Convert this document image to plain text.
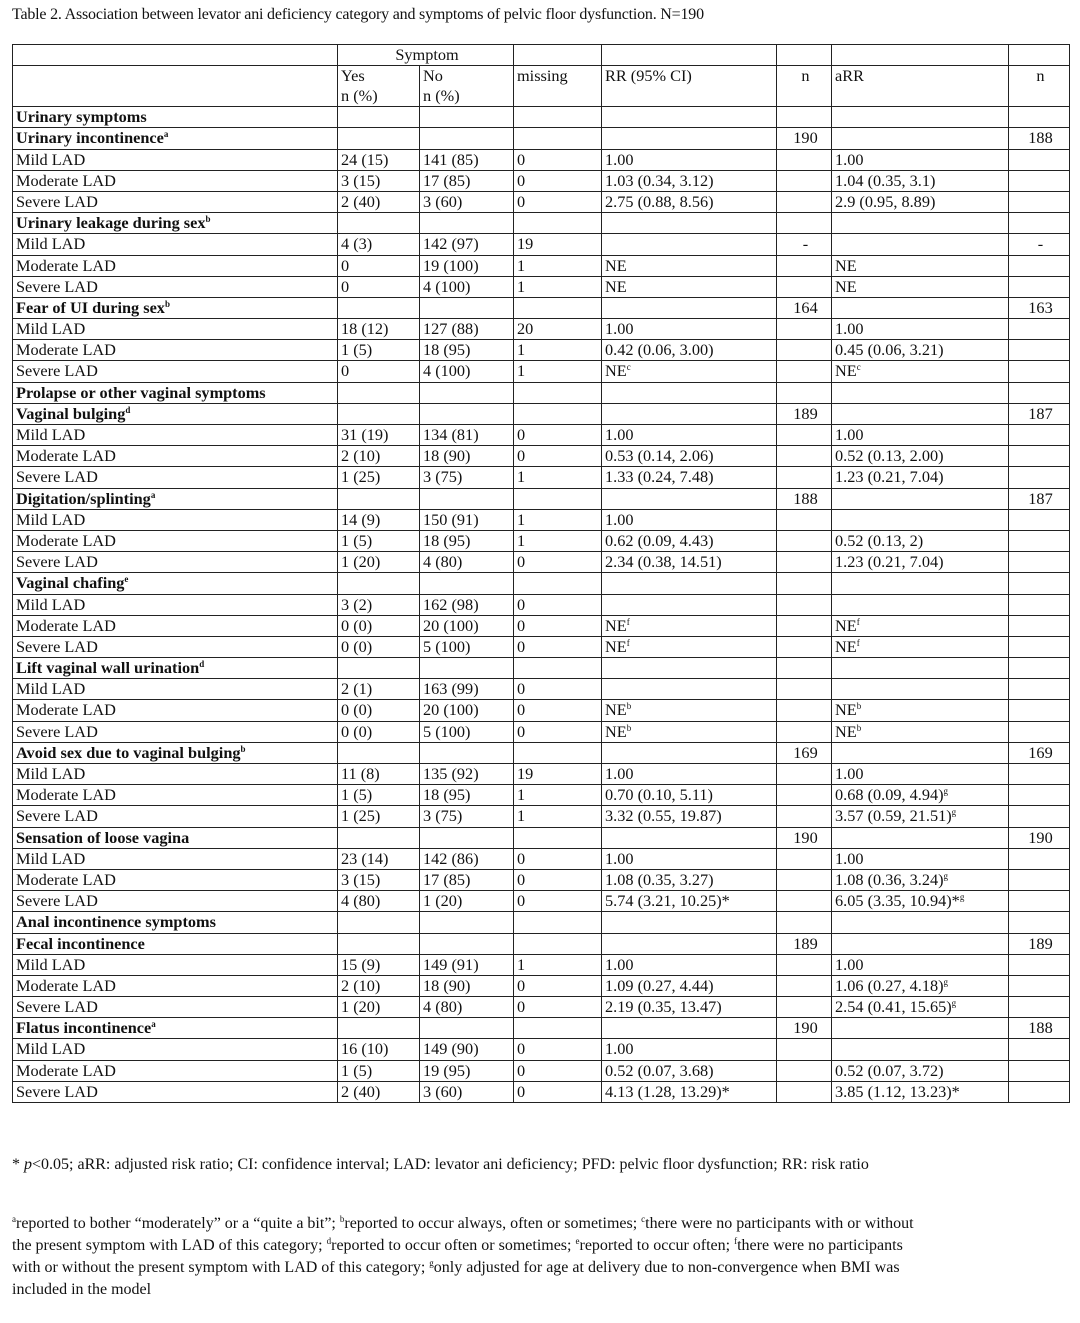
Table 2. Association between levator ani deficiency category and symptoms of pelvic floor dysfunction. N=190
	Symptom						
	Yes
n (%)	No
n (%)	missing	RR (95% CI)	n	aRR	n
Urinary symptoms							
Urinary incontinence$^a$					190		188
Mild LAD	24 (15)	141 (85)	0	1.00		1.00	
Moderate LAD	3 (15)	17 (85)	0	1.03 (0.34, 3.12)		1.04 (0.35, 3.1)	
Severe LAD	2 (40)	3 (60)	0	2.75 (0.88, 8.56)		2.9 (0.95, 8.89)	
Urinary leakage during sex$^b$							
Mild LAD	4 (3)	142 (97)	19		-		-
Moderate LAD	0	19 (100)	1	NE		NE	
Severe LAD	0	4 (100)	1	NE		NE	
Fear of UI during sex$^b$					164		163
Mild LAD	18 (12)	127 (88)	20	1.00		1.00	
Moderate LAD	1 (5)	18 (95)	1	0.42 (0.06, 3.00)		0.45 (0.06, 3.21)	
Severe LAD	0	4 (100)	1	$NE^c$		$NE^c$	
Prolapse or other vaginal symptoms							
Vaginal bulging$^d$					189		187
Mild LAD	31 (19)	134 (81)	0	1.00		1.00	
Moderate LAD	2 (10)	18 (90)	0	0.53 (0.14, 2.06)		0.52 (0.13, 2.00)	
Severe LAD	1 (25)	3 (75)	1	1.33 (0.24, 7.48)		1.23 (0.21, 7.04)	
Digitation/splinting$^a$					188		187
Mild LAD	14 (9)	150 (91)	1	1.00			
Moderate LAD	1 (5)	18 (95)	1	0.62 (0.09, 4.43)		0.52 (0.13, 2)	
Severe LAD	1 (20)	4 (80)	0	2.34 (0.38, 14.51)		1.23 (0.21, 7.04)	
Vaginal chafing$^e$							
Mild LAD	3 (2)	162 (98)	0				
Moderate LAD	0 (0)	20 (100)	0	$NE^f$		$NE^f$	
Severe LAD	0 (0)	5 (100)	0	$NE^f$		$NE^f$	
Lift vaginal wall urination$^d$							
Mild LAD	2 (1)	163 (99)	0				
Moderate LAD	0 (0)	20 (100)	0	$NE^b$		$NE^b$	
Severe LAD	0 (0)	5 (100)	0	$NE^b$		$NE^b$	
Avoid sex due to vaginal bulging$^b$					169		169
Mild LAD	11 (8)	135 (92)	19	1.00		1.00	
Moderate LAD	1 (5)	18 (95)	1	0.70 (0.10, 5.11)		0.68 (0.09, 4.94)$^g$	
Severe LAD	1 (25)	3 (75)	1	3.32 (0.55, 19.87)		3.57 (0.59, 21.51)$^g$	
Sensation of loose vagina					190		190
Mild LAD	23 (14)	142 (86)	0	1.00		1.00	
Moderate LAD	3 (15)	17 (85)	0	1.08 (0.35, 3.27)		1.08 (0.36, 3.24)$^g$	
Severe LAD	4 (80)	1 (20)	0	5.74 (3.21, 10.25)*		6.05 (3.35, 10.94)*$^g$	
Anal incontinence symptoms							
Fecal incontinence					189		189
Mild LAD	15 (9)	149 (91)	1	1.00		1.00	
Moderate LAD	2 (10)	18 (90)	0	1.09 (0.27, 4.44)		1.06 (0.27, 4.18)$^g$	
Severe LAD	1 (20)	4 (80)	0	2.19 (0.35, 13.47)		2.54 (0.41, 15.65)$^g$	
Flatus incontinence$^a$					190		188
Mild LAD	16 (10)	149 (90)	0	1.00			
Moderate LAD	1 (5)	19 (95)	0	0.52 (0.07, 3.68)		0.52 (0.07, 3.72)	
Severe LAD	2 (40)	3 (60)	0	4.13 (1.28, 13.29)*		3.85 (1.12, 13.23)*	
* p<0.05; aRR: adjusted risk ratio; CI: confidence interval; LAD: levator ani deficiency; PFD: pelvic floor dysfunction; RR: risk ratio
$^a$reported to bother “moderately” or a “quite a bit”; $^b$reported to occur always, often or sometimes; $^c$there were no participants with or without the present symptom with LAD of this category; $^d$reported to occur often or sometimes; $^e$reported to occur often; $^f$there were no participants with or without the present symptom with LAD of this category; $^g$only adjusted for age at delivery due to non-convergence when BMI was included in the model
